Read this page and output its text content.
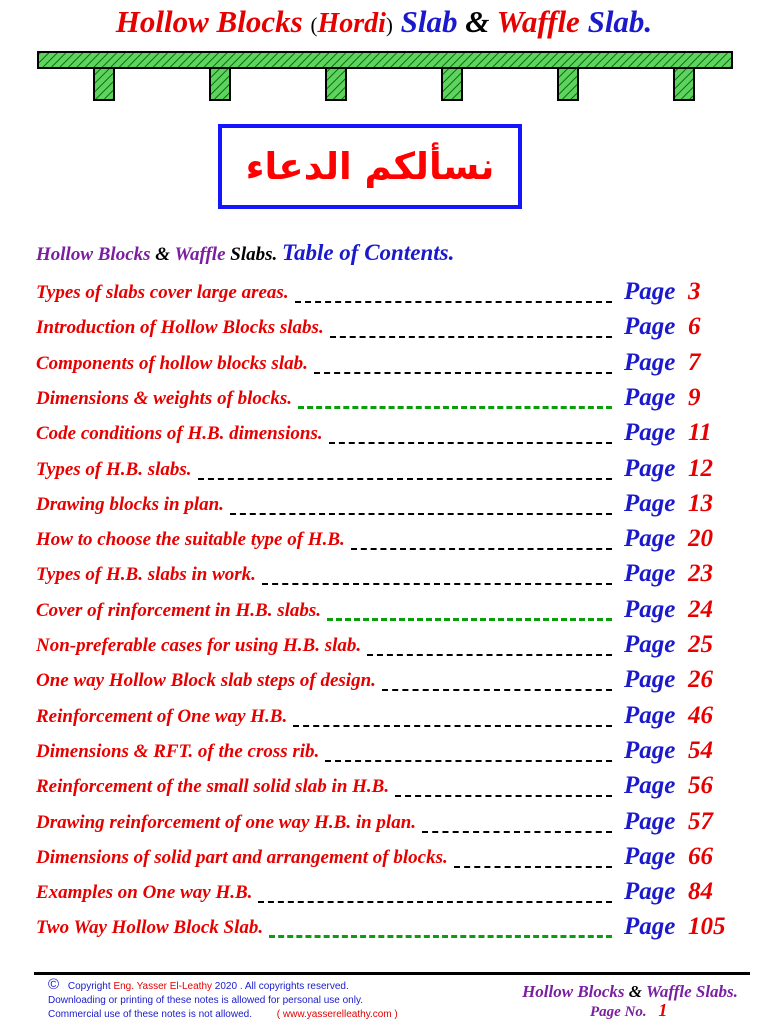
Hollow Blocks (Hordi) Slab & Waffle Slab.
نسألكم الدعاء
Hollow Blocks & Waffle Slabs. Table of Contents.
Types of slabs cover large areas.	Page 3
Introduction of Hollow Blocks slabs.	Page 6
Components of hollow blocks slab.	Page 7
Dimensions & weights of blocks.	Page 9
Code conditions of H.B. dimensions.	Page 11
Types of H.B. slabs.	Page 12
Drawing blocks in plan.	Page 13
How to choose the suitable type of H.B.	Page 20
Types of H.B. slabs in work.	Page 23
Cover of rinforcement in H.B. slabs.	Page 24
Non-preferable cases for using H.B. slab.	Page 25
One way Hollow Block slab steps of design.	Page 26
Reinforcement of One way H.B.	Page 46
Dimensions & RFT. of the cross rib.	Page 54
Reinforcement of the small solid slab in H.B.	Page 56
Drawing reinforcement of one way H.B. in plan.	Page 57
Dimensions of solid part and arrangement of blocks.	Page 66
Examples on One way H.B.	Page 84
Two Way Hollow Block Slab.	Page 105
© Copyright Eng. Yasser El-Leathy 2020 . All copyrights reserved.
Downloading or printing of these notes is allowed for personal use only.
Commercial use of these notes is not allowed. ( www.yasserelleathy.com )
Hollow Blocks & Waffle Slabs.
Page No. 1
